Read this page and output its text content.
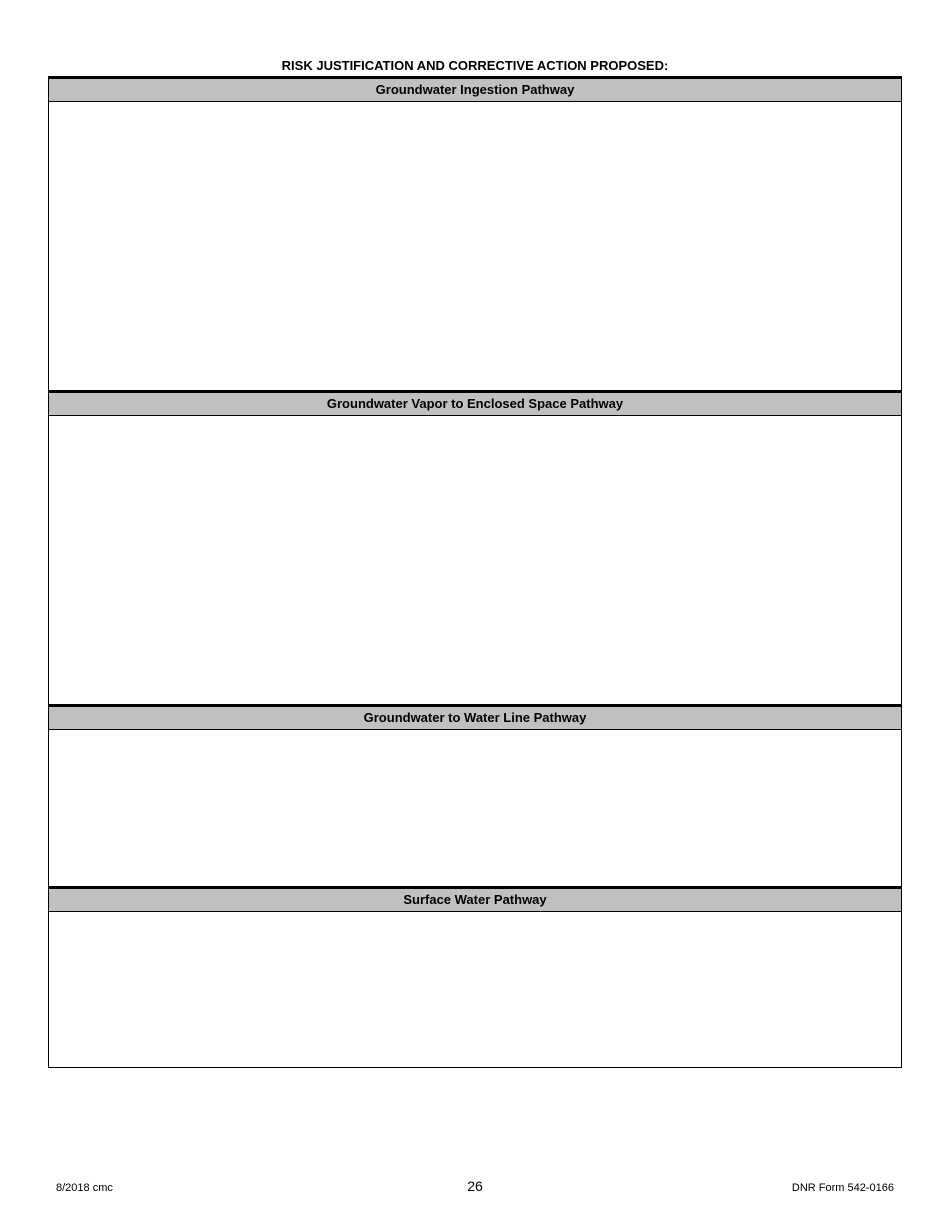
RISK JUSTIFICATION AND CORRECTIVE ACTION PROPOSED:
Groundwater Ingestion Pathway
Groundwater Vapor to Enclosed Space Pathway
Groundwater to Water Line Pathway
Surface Water Pathway
8/2018 cmc	26	DNR Form 542-0166
